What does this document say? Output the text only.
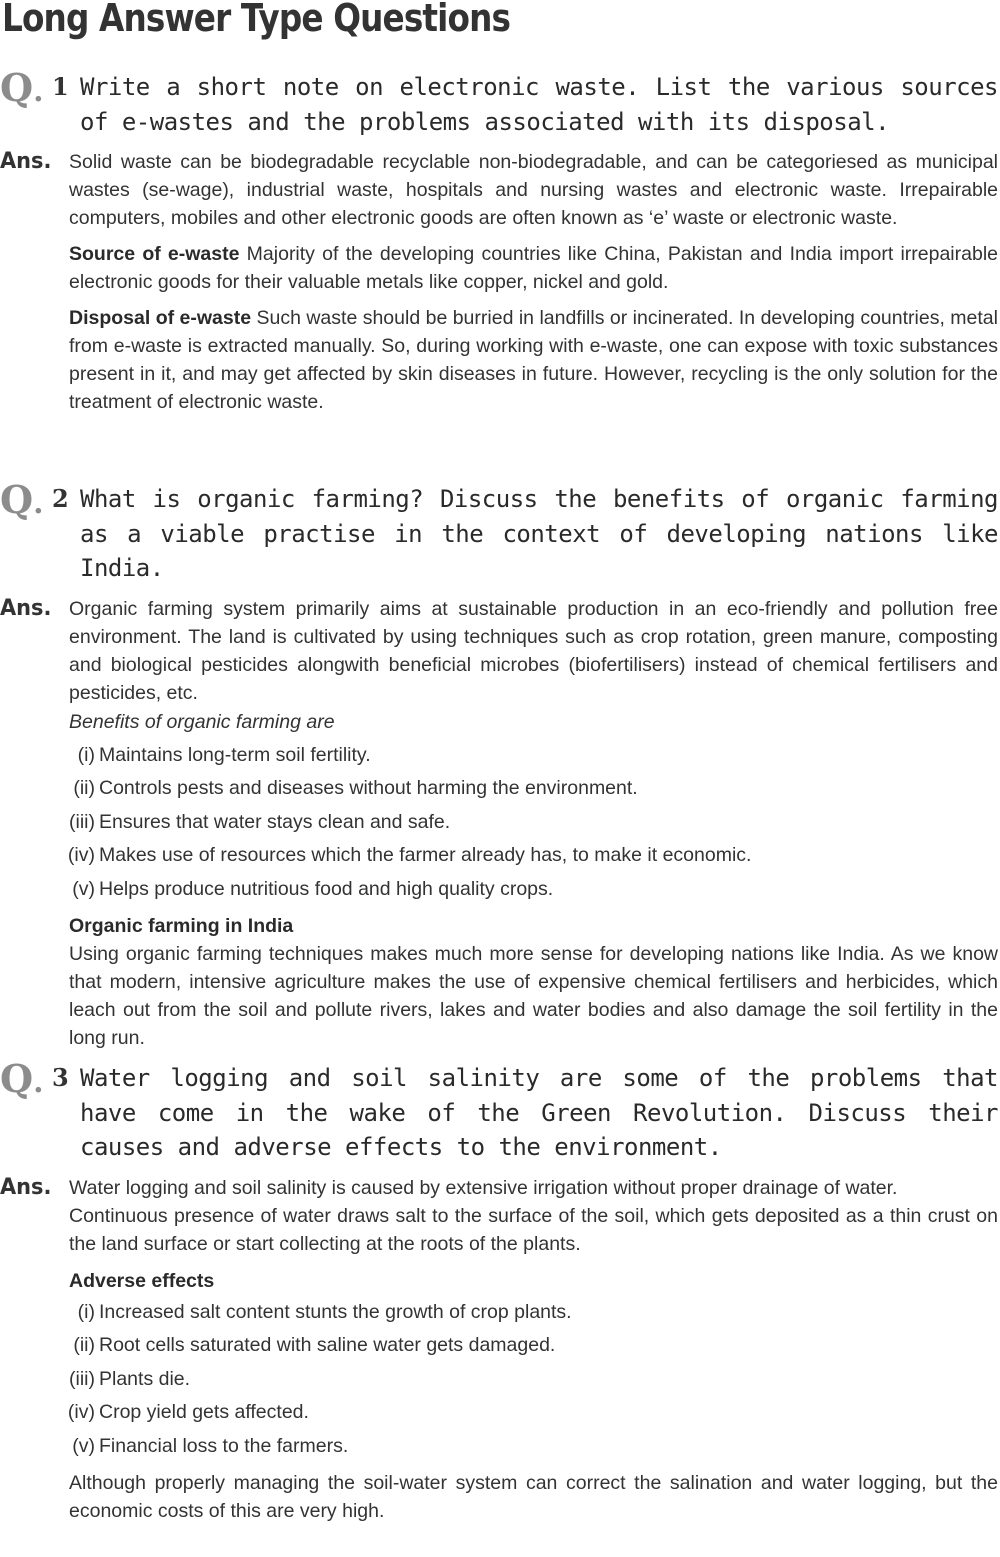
Long Answer Type Questions
Q. 1 Write a short note on electronic waste. List the various sources of e-wastes and the problems associated with its disposal.
Ans. Solid waste can be biodegradable recyclable non-biodegradable, and can be categoriesed as municipal wastes (se-wage), industrial waste, hospitals and nursing wastes and electronic waste. Irrepairable computers, mobiles and other electronic goods are often known as ‘e’ waste or electronic waste.

Source of e-waste Majority of the developing countries like China, Pakistan and India import irrepairable electronic goods for their valuable metals like copper, nickel and gold.

Disposal of e-waste Such waste should be burried in landfills or incinerated. In developing countries, metal from e-waste is extracted manually. So, during working with e-waste, one can expose with toxic substances present in it, and may get affected by skin diseases in future. However, recycling is the only solution for the treatment of electronic waste.

Q. 2 What is organic farming? Discuss the benefits of organic farming as a viable practise in the context of developing nations like India.
Ans. Organic farming system primarily aims at sustainable production in an eco-friendly and pollution free environment. The land is cultivated by using techniques such as crop rotation, green manure, composting and biological pesticides alongwith beneficial microbes (biofertilisers) instead of chemical fertilisers and pesticides, etc.

Benefits of organic farming are

(i) Maintains long-term soil fertility.
(ii) Controls pests and diseases without harming the environment.
(iii) Ensures that water stays clean and safe.
(iv) Makes use of resources which the farmer already has, to make it economic.
(v) Helps produce nutritious food and high quality crops.

Organic farming in India

Using organic farming techniques makes much more sense for developing nations like India. As we know that modern, intensive agriculture makes the use of expensive chemical fertilisers and herbicides, which leach out from the soil and pollute rivers, lakes and water bodies and also damage the soil fertility in the long run.

Q. 3 Water logging and soil salinity are some of the problems that have come in the wake of the Green Revolution. Discuss their causes and adverse effects to the environment.
Ans. Water logging and soil salinity is caused by extensive irrigation without proper drainage of water.

Continuous presence of water draws salt to the surface of the soil, which gets deposited as a thin crust on the land surface or start collecting at the roots of the plants.

Adverse effects

(i) Increased salt content stunts the growth of crop plants.
(ii) Root cells saturated with saline water gets damaged.
(iii) Plants die.
(iv) Crop yield gets affected.
(v) Financial loss to the farmers.

Although properly managing the soil-water system can correct the salination and water logging, but the economic costs of this are very high.
